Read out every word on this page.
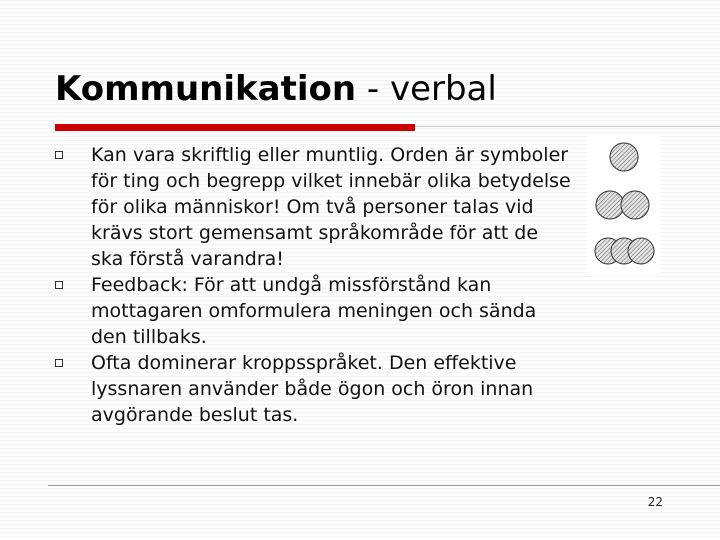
Kommunikation - verbal
Kan vara skriftlig eller muntlig. Orden är symboler för ting och begrepp vilket innebär olika betydelse för olika människor! Om två personer talas vid krävs stort gemensamt språkområde för att de ska förstå varandra!
Feedback: För att undgå missförstånd kan mottagaren omformulera meningen och sända den tillbaks.
Ofta dominerar kroppsspråket. Den effektive lyssnaren använder både ögon och öron innan avgörande beslut tas.
22
